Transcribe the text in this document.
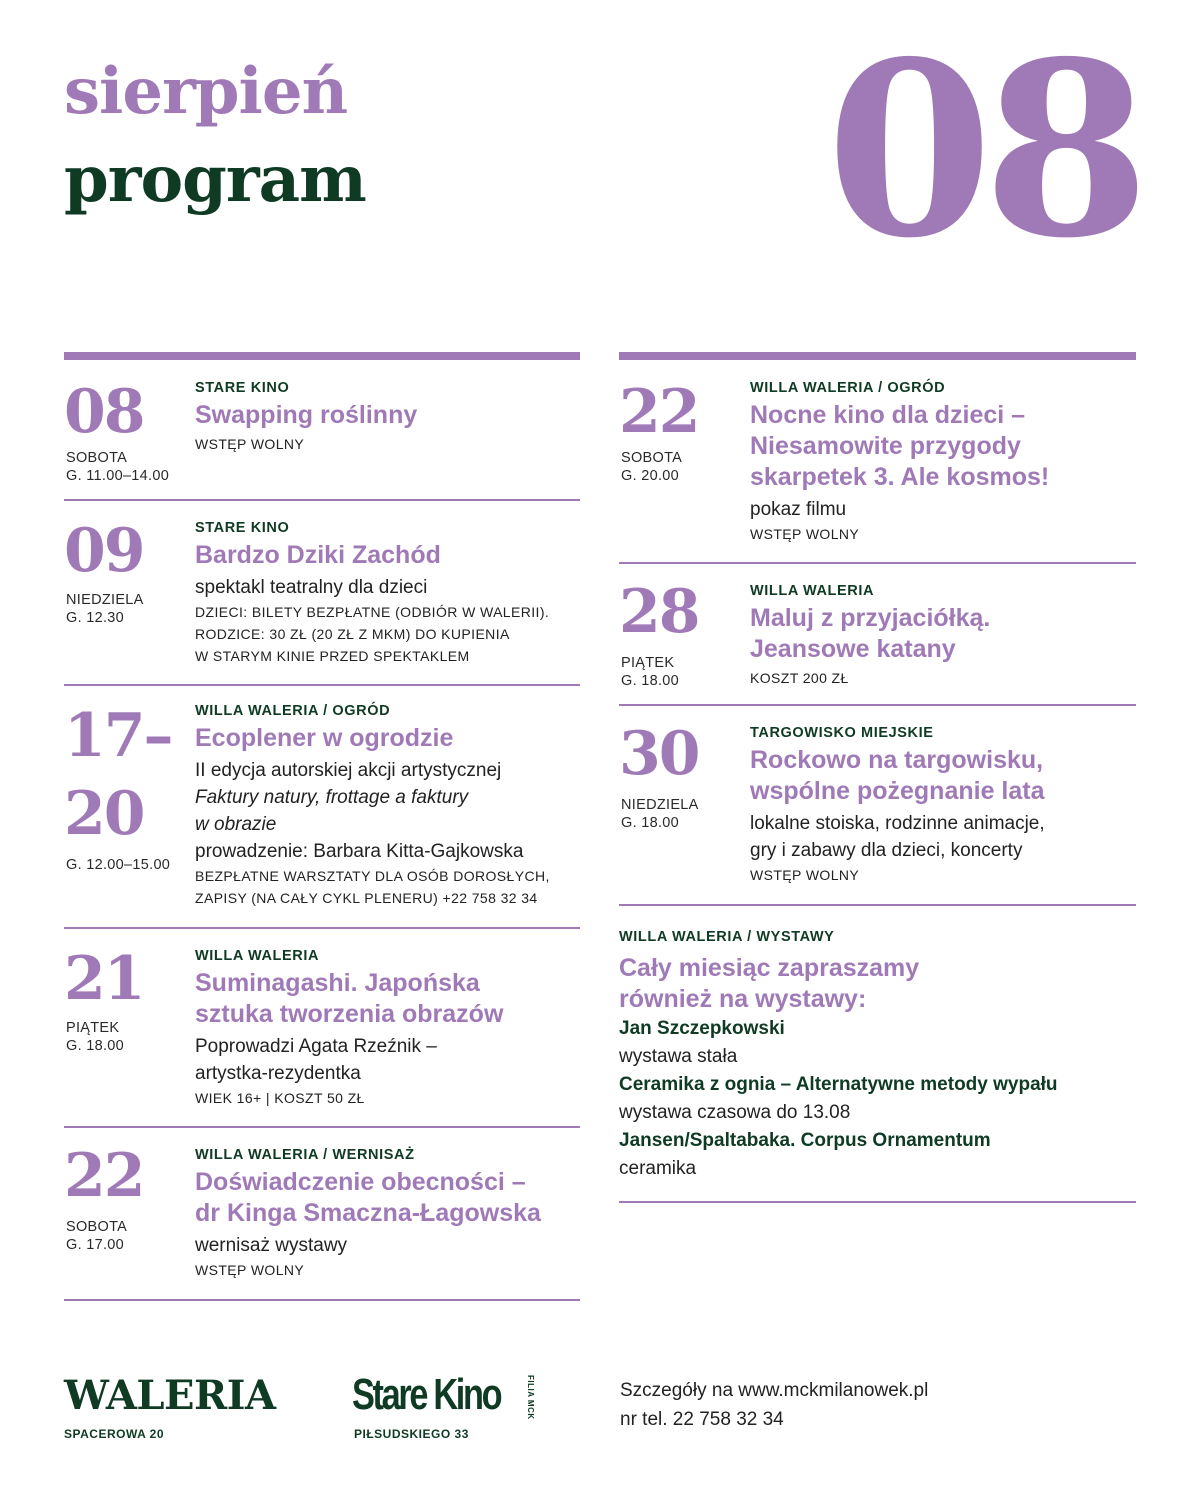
sierpień
program 08
08
SOBOTA
G. 11.00–14.00
STARE KINO
Swapping roślinny
WSTĘP WOLNY
09
NIEDZIELA
G. 12.30
STARE KINO
Bardzo Dziki Zachód
spektakl teatralny dla dzieci
DZIECI: BILETY BEZPŁATNE (ODBIÓR W WALERII).
RODZICE: 30 ZŁ (20 ZŁ Z MKM) DO KUPIENIA
W STARYM KINIE PRZED SPEKTAKLEM
17–
20
G. 12.00–15.00
WILLA WALERIA / OGRÓD
Ecoplener w ogrodzie
II edycja autorskiej akcji artystycznej
Faktury natury, frottage a faktury
w obrazie
prowadzenie: Barbara Kitta-Gajkowska
BEZPŁATNE WARSZTATY DLA OSÓB DOROSŁYCH,
ZAPISY (NA CAŁY CYKL PLENERU) +22 758 32 34
21
PIĄTEK
G. 18.00
WILLA WALERIA
Suminagashi. Japońska
sztuka tworzenia obrazów
Poprowadzi Agata Rzeźnik –
artystka-rezydentka
WIEK 16+ | KOSZT 50 ZŁ
22
SOBOTA
G. 17.00
WILLA WALERIA / WERNISAŻ
Doświadczenie obecności –
dr Kinga Smaczna-Łagowska
wernisaż wystawy
WSTĘP WOLNY
22
SOBOTA
G. 20.00
WILLA WALERIA / OGRÓD
Nocne kino dla dzieci –
Niesamowite przygody
skarpetek 3. Ale kosmos!
pokaz filmu
WSTĘP WOLNY
28
PIĄTEK
G. 18.00
WILLA WALERIA
Maluj z przyjaciółką.
Jeansowe katany
KOSZT 200 ZŁ
30
NIEDZIELA
G. 18.00
TARGOWISKO MIEJSKIE
Rockowo na targowisku,
wspólne pożegnanie lata
lokalne stoiska, rodzinne animacje,
gry i zabawy dla dzieci, koncerty
WSTĘP WOLNY
WILLA WALERIA / WYSTAWY
Cały miesiąc zapraszamy
również na wystawy:
Jan Szczepkowski
wystawa stała
Ceramika z ognia – Alternatywne metody wypału
wystawa czasowa do 13.08
Jansen/Spaltabaka. Corpus Ornamentum
ceramika
WALERIA
SPACEROWA 20
Stare Kino	FILIA MCK
PIŁSUDSKIEGO 33
Szczegóły na www.mckmilanowek.pl
nr tel. 22 758 32 34
